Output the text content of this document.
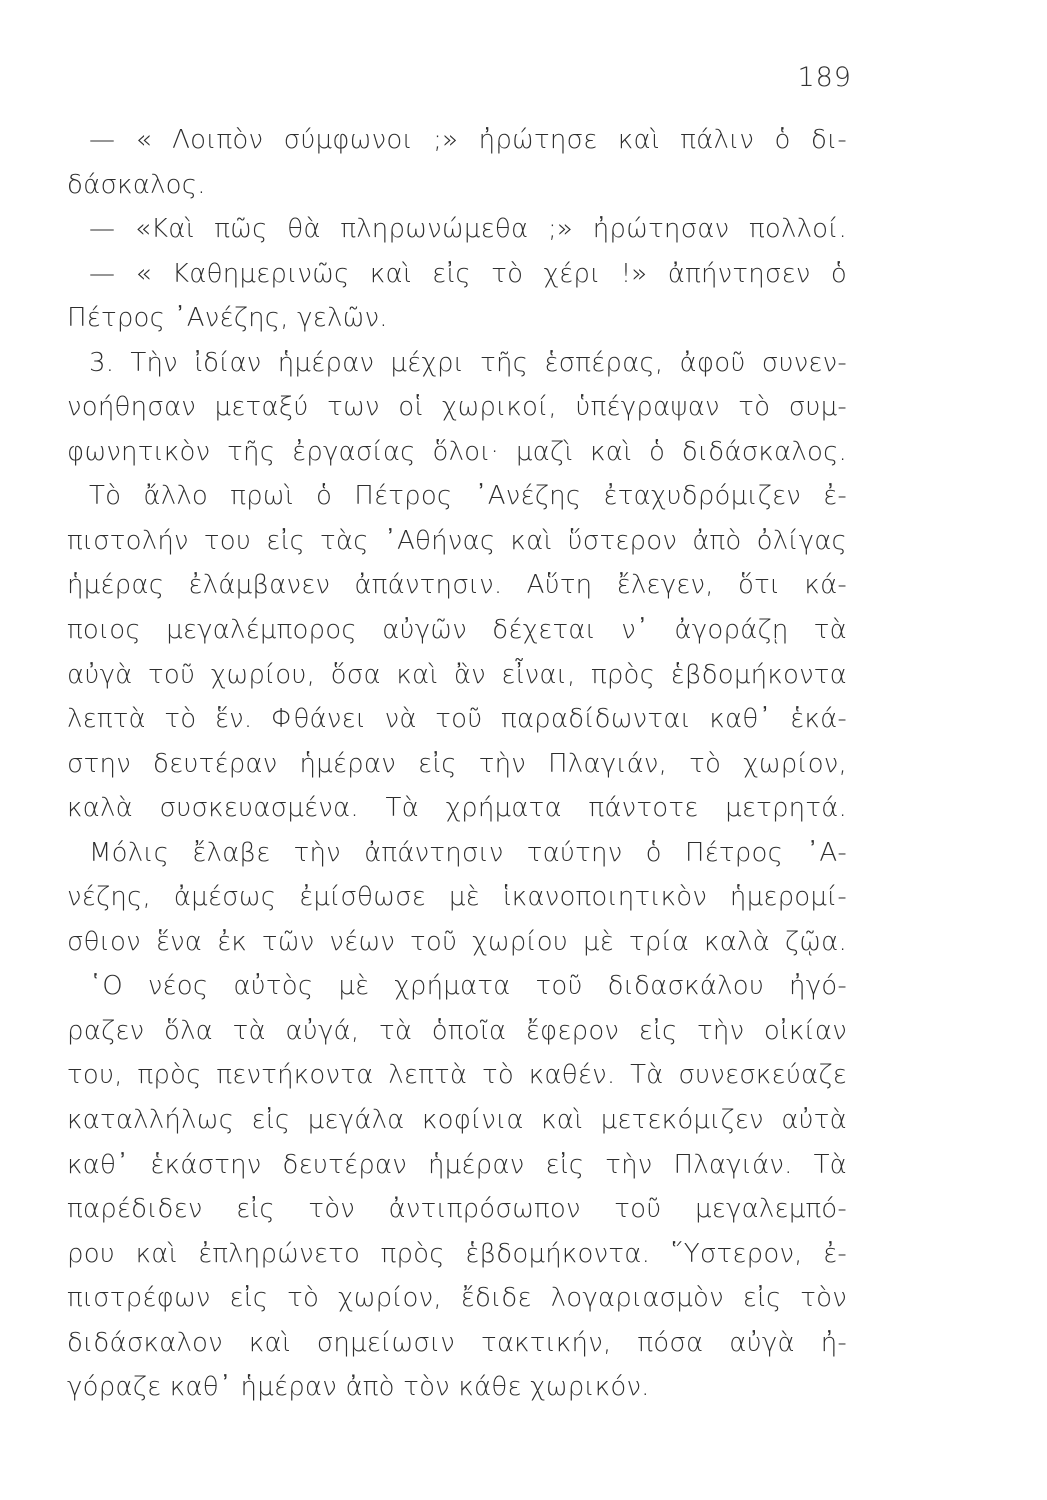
189
— « Λοιπὸν σύμφωνοι ;» ἠρώτησε καὶ πάλιν ὁ δι-
δάσκαλος.
— «Καὶ πῶς θὰ πληρωνώμεθα ;» ἠρώτησαν πολλοί.
— « Καθημερινῶς καὶ εἰς τὸ χέρι !» ἀπήντησεν ὁ
Πέτρος ᾿Ανέζης, γελῶν.
3. Τὴν ἰδίαν ἡμέραν μέχρι τῆς ἑσπέρας, ἀφοῦ συνεν-
νοήθησαν μεταξύ των οἱ χωρικοί, ὑπέγραψαν τὸ συμ-
φωνητικὸν τῆς ἐργασίας ὅλοι· μαζὶ καὶ ὁ διδάσκαλος.
Τὸ ἄλλο πρωὶ ὁ Πέτρος ᾿Ανέζης ἐταχυδρόμιζεν ἐ-
πιστολήν του εἰς τὰς ᾿Αθήνας καὶ ὕστερον ἀπὸ ὀλίγας
ἡμέρας ἐλάμβανεν ἀπάντησιν. Αὕτη ἔλεγεν, ὅτι κά-
ποιος μεγαλέμπορος αὐγῶν δέχεται ν᾿ ἀγοράζῃ τὰ
αὐγὰ τοῦ χωρίου, ὅσα καὶ ἂν εἶναι, πρὸς ἑβδομήκοντα
λεπτὰ τὸ ἕν. Φθάνει νὰ τοῦ παραδίδωνται καθ᾿ ἑκά-
στην δευτέραν ἡμέραν εἰς τὴν Πλαγιάν, τὸ χωρίον,
καλὰ συσκευασμένα. Τὰ χρήματα πάντοτε μετρητά.
Μόλις ἔλαβε τὴν ἀπάντησιν ταύτην ὁ Πέτρος ᾿Α-
νέζης, ἀμέσως ἐμίσθωσε μὲ ἱκανοποιητικὸν ἡμερομί-
σθιον ἕνα ἐκ τῶν νέων τοῦ χωρίου μὲ τρία καλὰ ζῷα.
῾Ο νέος αὐτὸς μὲ χρήματα τοῦ διδασκάλου ἠγό-
ραζεν ὅλα τὰ αὐγά, τὰ ὁποῖα ἔφερον εἰς τὴν οἰκίαν
του, πρὸς πεντήκοντα λεπτὰ τὸ καθέν. Τὰ συνεσκεύαζε
καταλλήλως εἰς μεγάλα κοφίνια καὶ μετεκόμιζεν αὐτὰ
καθ᾿ ἑκάστην δευτέραν ἡμέραν εἰς τὴν Πλαγιάν. Τὰ
παρέδιδεν εἰς τὸν ἀντιπρόσωπον τοῦ μεγαλεμπό-
ρου καὶ ἐπληρώνετο πρὸς ἑβδομήκοντα. ῞Υστερον, ἐ-
πιστρέφων εἰς τὸ χωρίον, ἔδιδε λογαριασμὸν εἰς τὸν
διδάσκαλον καὶ σημείωσιν τακτικήν, πόσα αὐγὰ ἠ-
γόραζε καθ᾿ ἡμέραν ἀπὸ τὸν κάθε χωρικόν.
